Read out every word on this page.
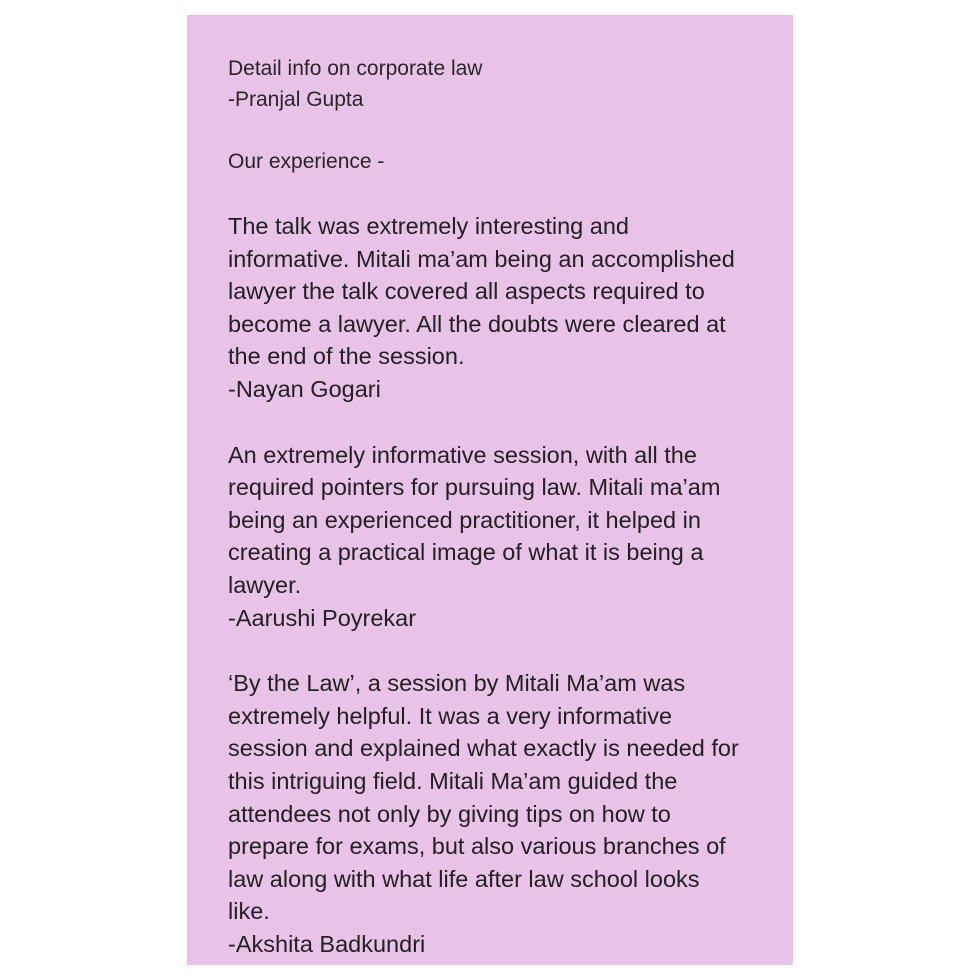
Detail info on corporate law
-Pranjal Gupta
Our experience -
The talk was extremely interesting and
informative. Mitali ma’am being an accomplished
lawyer the talk covered all aspects required to
become a lawyer. All the doubts were cleared at
the end of the session.
-Nayan Gogari
An extremely informative session, with all the
required pointers for pursuing law. Mitali ma’am
being an experienced practitioner, it helped in
creating a practical image of what it is being a
lawyer.
-Aarushi Poyrekar
‘By the Law’, a session by Mitali Ma’am was
extremely helpful. It was a very informative
session and explained what exactly is needed for
this intriguing field. Mitali Ma’am guided the
attendees not only by giving tips on how to
prepare for exams, but also various branches of
law along with what life after law school looks
like.
-Akshita Badkundri
